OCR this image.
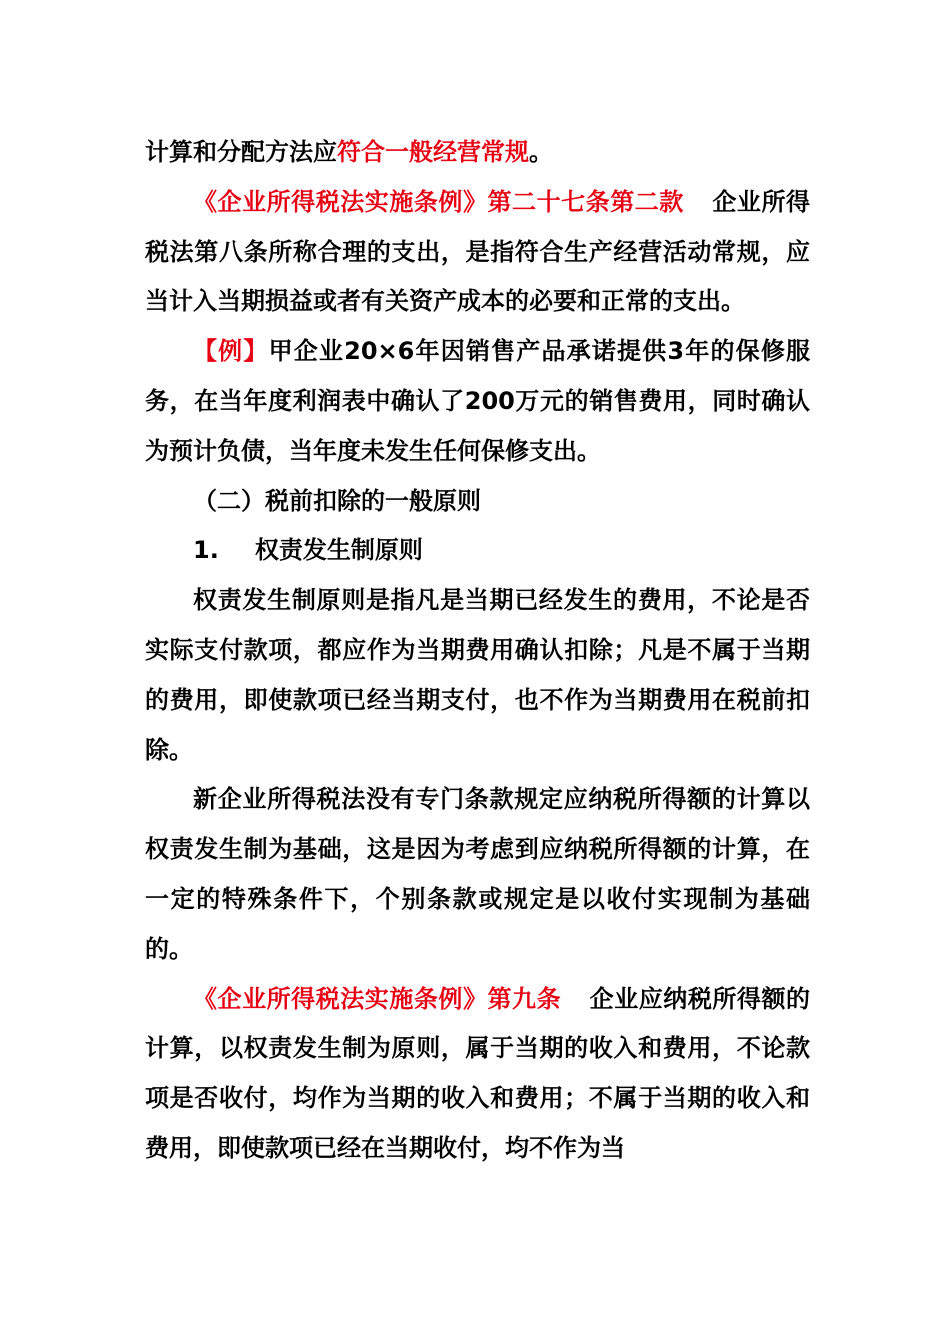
计算和分配方法应符合一般经营常规。

《企业所得税法实施条例》第二十七条第二款 企业所得税法第八条所称合理的支出，是指符合生产经营活动常规，应当计入当期损益或者有关资产成本的必要和正常的支出。

【例】甲企业20×6年因销售产品承诺提供3年的保修服务，在当年度利润表中确认了200万元的销售费用，同时确认为预计负债，当年度未发生任何保修支出。

（二）税前扣除的一般原则

1. 权责发生制原则

权责发生制原则是指凡是当期已经发生的费用，不论是否实际支付款项，都应作为当期费用确认扣除；凡是不属于当期的费用，即使款项已经当期支付，也不作为当期费用在税前扣除。

新企业所得税法没有专门条款规定应纳税所得额的计算以权责发生制为基础，这是因为考虑到应纳税所得额的计算，在一定的特殊条件下，个别条款或规定是以收付实现制为基础的。

《企业所得税法实施条例》第九条 企业应纳税所得额的计算，以权责发生制为原则，属于当期的收入和费用，不论款项是否收付，均作为当期的收入和费用；不属于当期的收入和费用，即使款项已经在当期收付，均不作为当
